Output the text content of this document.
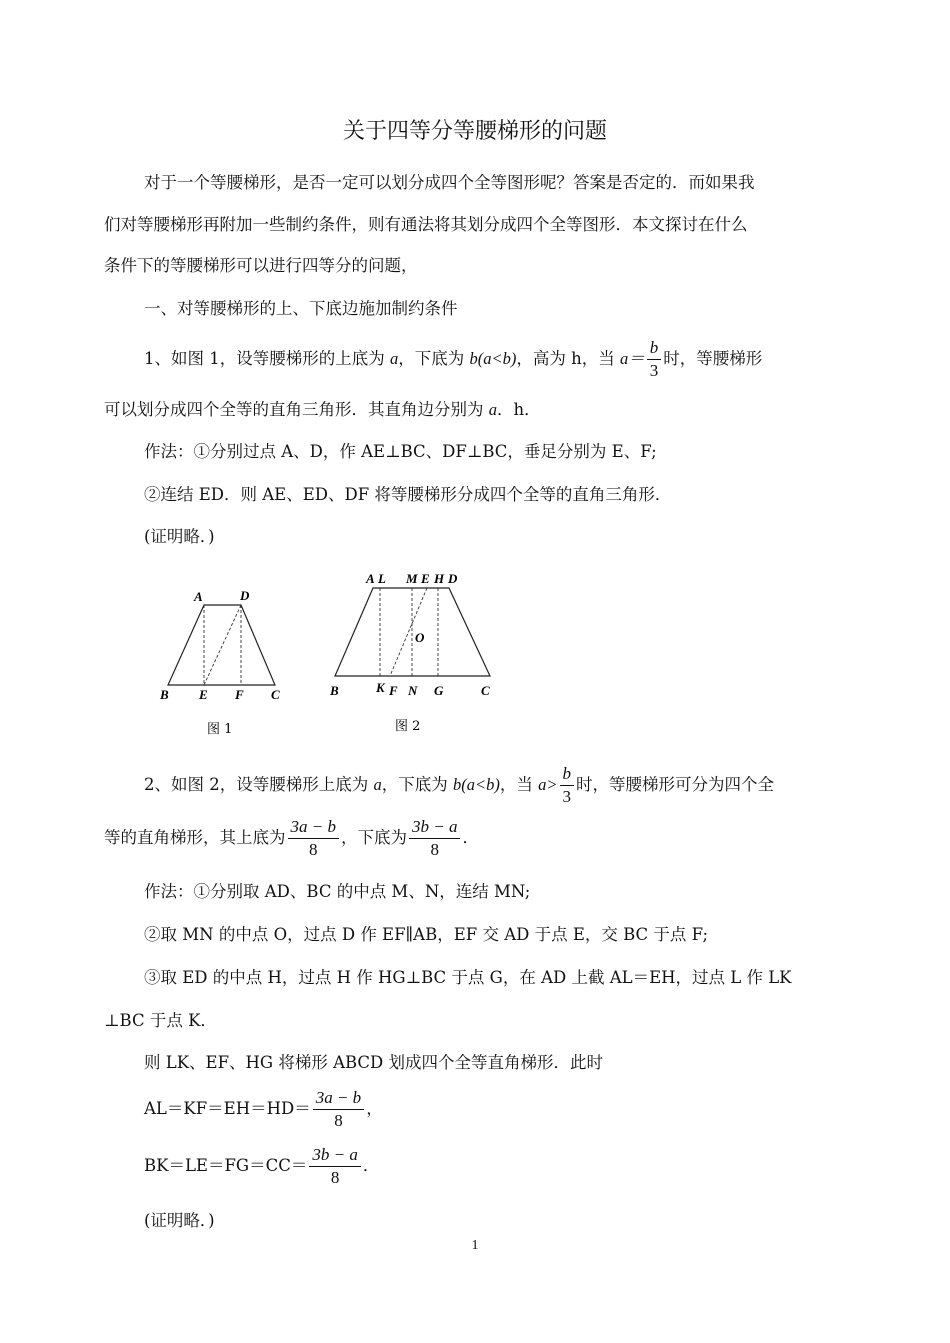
关于四等分等腰梯形的问题
对于一个等腰梯形，是否一定可以划分成四个全等图形呢？答案是否定的．而如果我
们对等腰梯形再附加一些制约条件，则有通法将其划分成四个全等图形．本文探讨在什么
条件下的等腰梯形可以进行四等分的问题，
一、对等腰梯形的上、下底边施加制约条件
1、如图 1，设等腰梯形的上底为 a，下底为 b(a<b)，高为 h，当 $a= \frac{b}{3}$ 时，等腰梯形
可以划分成四个全等的直角三角形．其直角边分别为 a．h．
作法：①分别过点 A、D，作 AE⊥BC、DF⊥BC，垂足分别为 E、F;
②连结 ED．则 AE、ED、DF 将等腰梯形分成四个全等的直角三角形．
(证明略．)
A	D
B E F C
图 1
A L M E H D
O
B	K F N G	C
图 2
2、如图 2，设等腰梯形上底为 a，下底为 b(a<b)，当 $a> \frac{b}{3}$ 时，等腰梯形可分为四个全
等的直角梯形，其上底为 $\frac{3a - b}{8}$ ，下底为 $\frac{3b - a}{8}$ ．
作法：①分别取 AD、BC 的中点 M、N，连结 MN;
②取 MN 的中点 O，过点 D 作 EF∥AB，EF 交 AD 于点 E，交 BC 于点 F;
③取 ED 的中点 H，过点 H 作 HG⊥BC 于点 G，在 AD 上截 AL＝EH，过点 L 作 LK
⊥BC 于点 K．
则 LK、EF、HG 将梯形 ABCD 划成四个全等直角梯形．此时
$AL=KF=EH=HD= \frac{3a - b}{8}$ ，
$BK=LE=FG=CC= \frac{3b - a}{8}$ ．
(证明略．)
1
